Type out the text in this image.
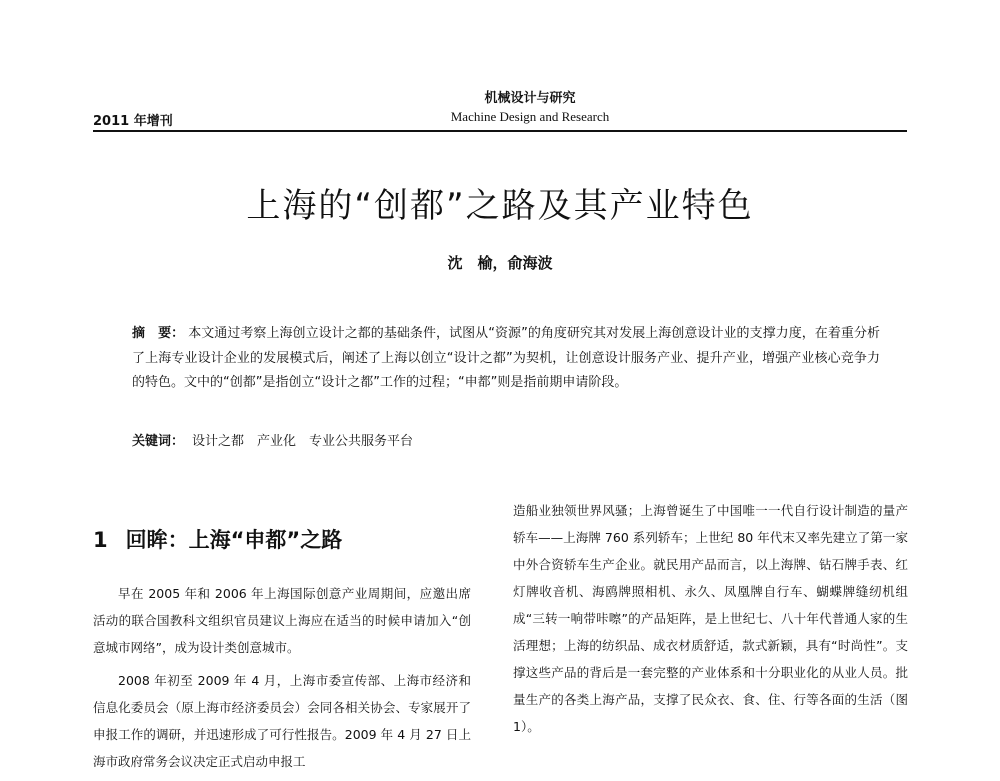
机械设计与研究
Machine Design and Research
2011 年增刊
上海的“创都”之路及其产业特色
沈　榆，俞海波
摘　要： 本文通过考察上海创立设计之都的基础条件，试图从“资源”的角度研究其对发展上海创意设计业的支撑力度，在着重分析了上海专业设计企业的发展模式后，阐述了上海以创立“设计之都”为契机，让创意设计服务产业、提升产业，增强产业核心竞争力的特色。文中的“创都”是指创立“设计之都”工作的过程；“申都”则是指前期申请阶段。
关键词： 设计之都　产业化　专业公共服务平台
1 回眸：上海“申都”之路

早在 2005 年和 2006 年上海国际创意产业周期间，应邀出席活动的联合国教科文组织官员建议上海应在适当的时候申请加入“创意城市网络”，成为设计类创意城市。

2008 年初至 2009 年 4 月，上海市委宣传部、上海市经济和信息化委员会（原上海市经济委员会）会同各相关协会、专家展开了申报工作的调研，并迅速形成了可行性报告。2009 年 4 月 27 日上海市政府常务会议决定正式启动申报工

造船业独领世界风骚；上海曾诞生了中国唯一一代自行设计制造的量产轿车——上海牌 760 系列轿车；上世纪 80 年代末又率先建立了第一家中外合资轿车生产企业。就民用产品而言，以上海牌、钻石牌手表、红灯牌收音机、海鸥牌照相机、永久、凤凰牌自行车、蝴蝶牌缝纫机组成“三转一响带咔嚓”的产品矩阵，是上世纪七、八十年代普通人家的生活理想；上海的纺织品、成衣材质舒适，款式新颖，具有“时尚性”。支撑这些产品的背后是一套完整的产业体系和十分职业化的从业人员。批量生产的各类上海产品，支撑了民众衣、食、住、行等各面的生活（图 1）。
